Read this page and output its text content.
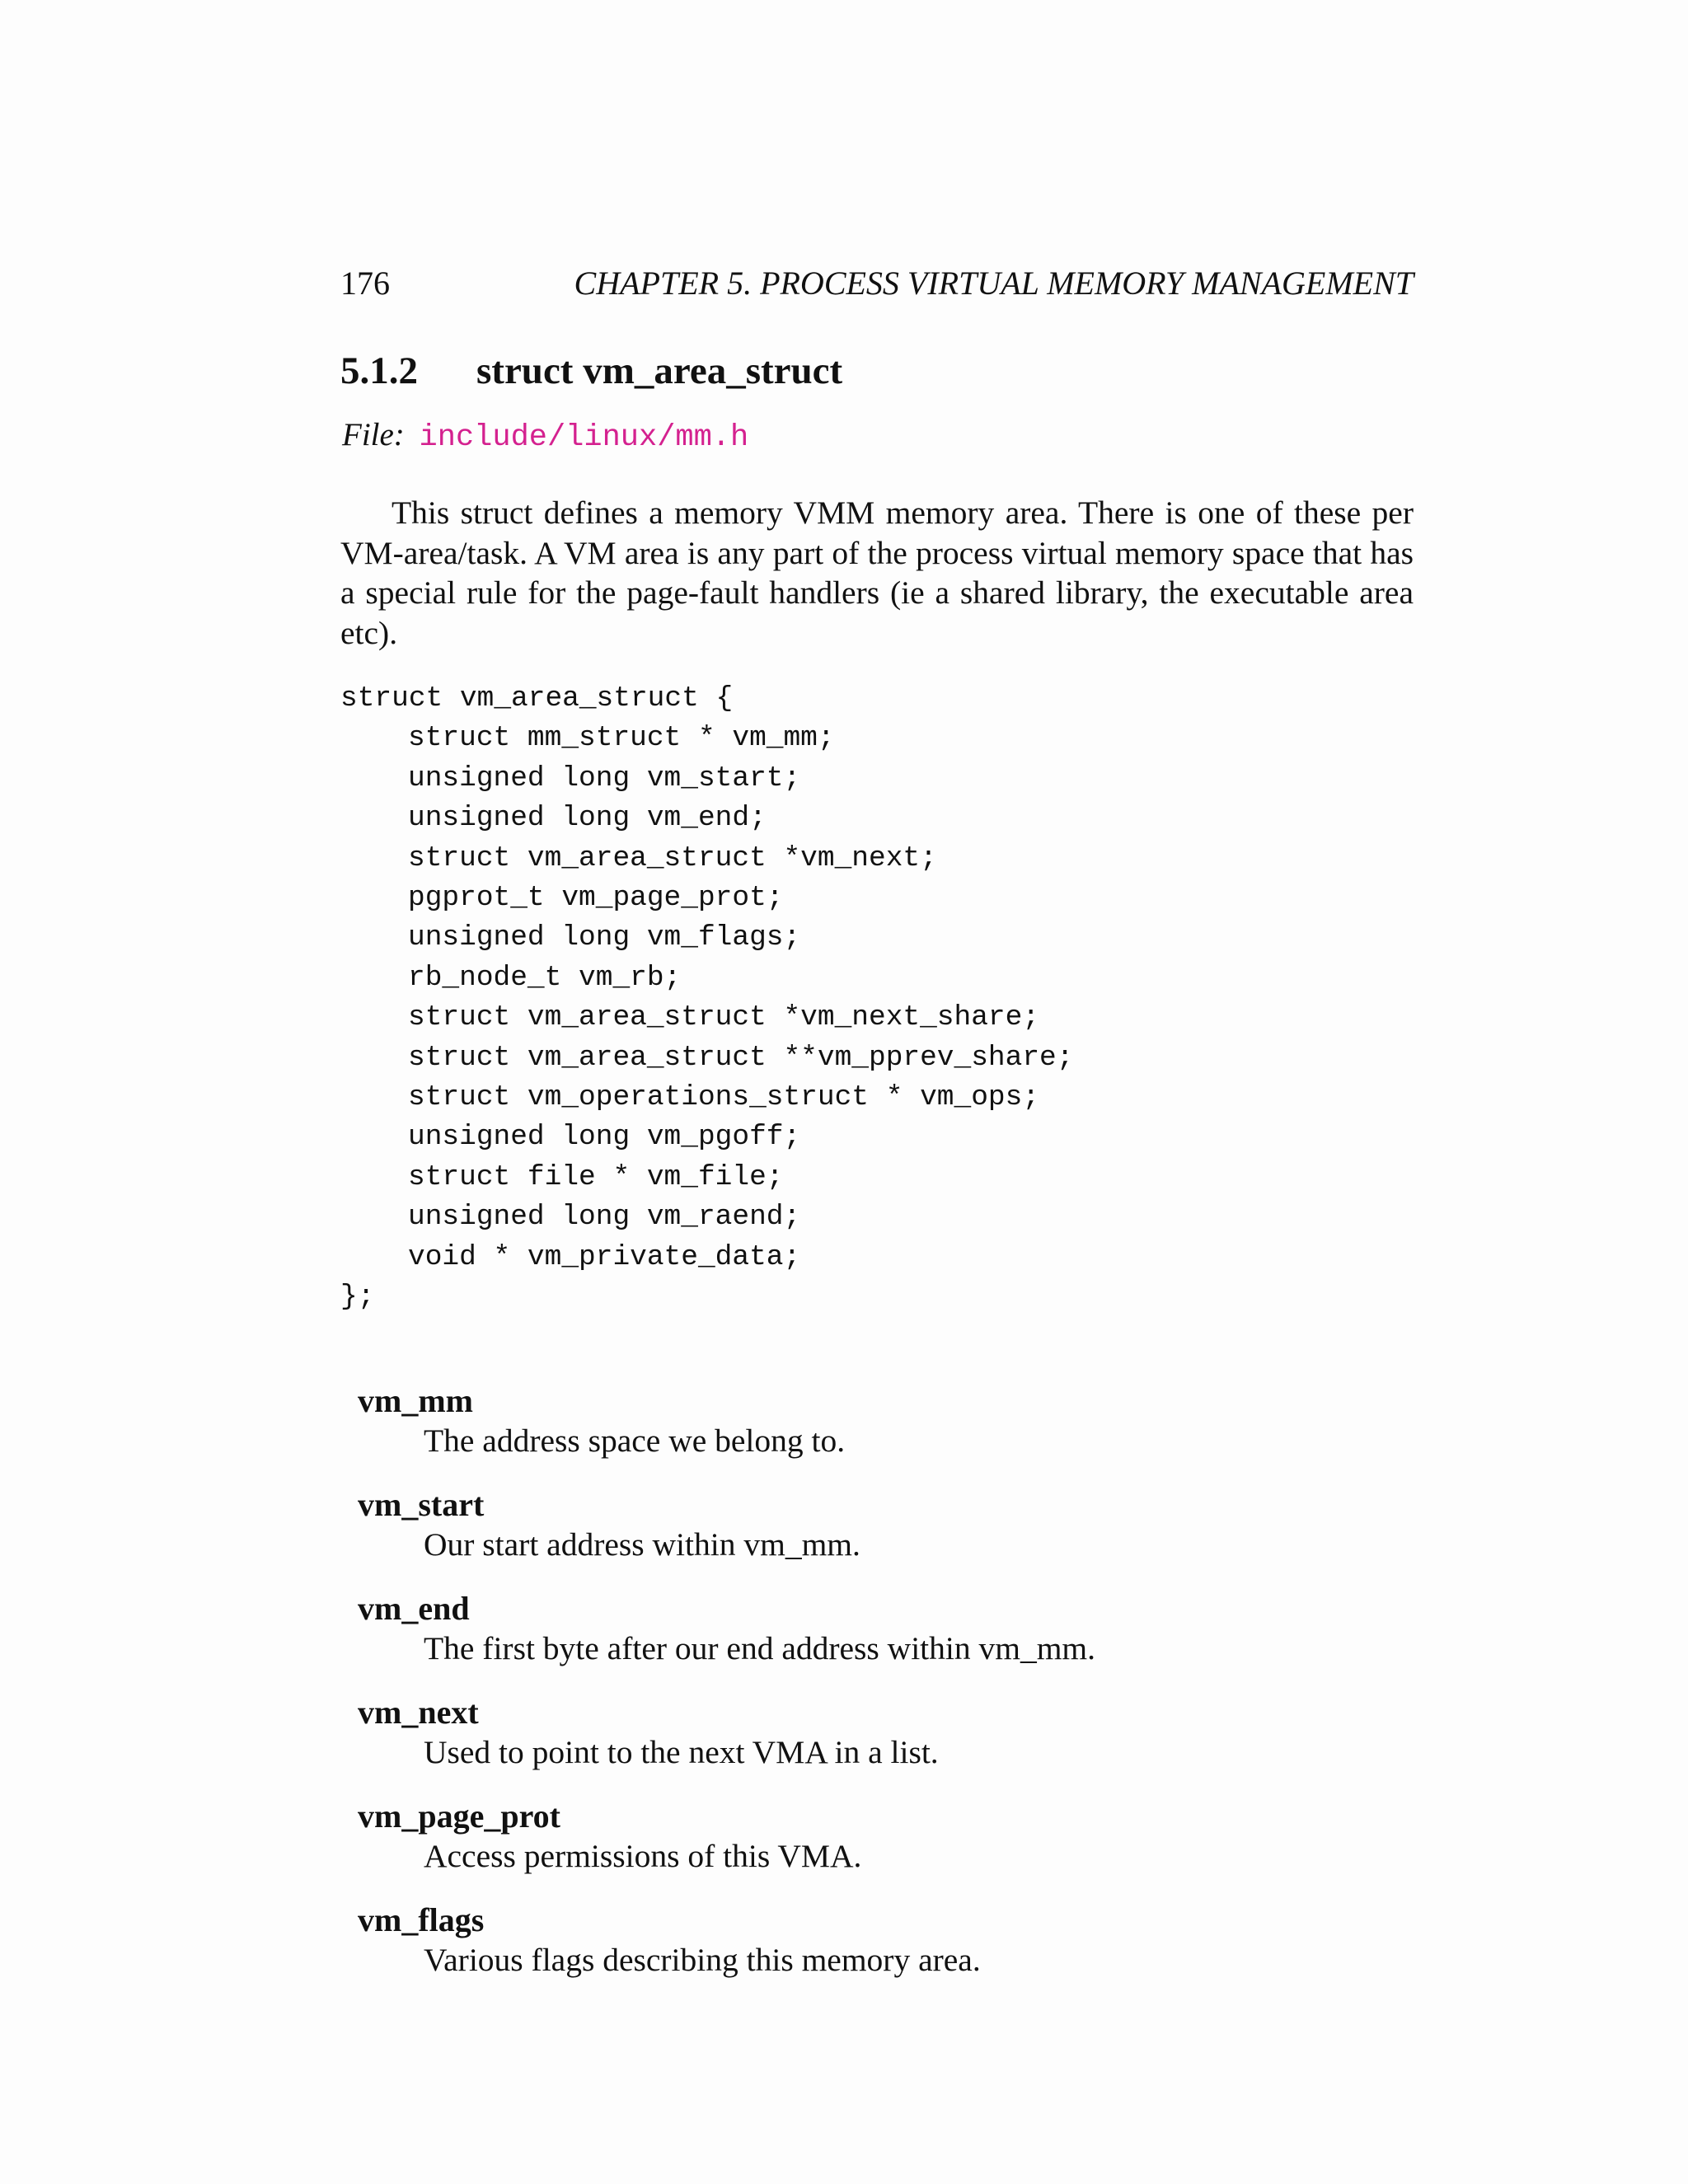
176	CHAPTER 5. PROCESS VIRTUAL MEMORY MANAGEMENT
5.1.2 struct vm_area_struct
File: include/linux/mm.h

This struct defines a memory VMM memory area. There is one of these per VM-area/task. A VM area is any part of the process virtual memory space that has a special rule for the page-fault handlers (ie a shared library, the executable area etc).

struct vm_area_struct {
struct mm_struct * vm_mm;
unsigned long vm_start;
unsigned long vm_end;
struct vm_area_struct *vm_next;
pgprot_t vm_page_prot;
unsigned long vm_flags;
rb_node_t vm_rb;
struct vm_area_struct *vm_next_share;
struct vm_area_struct **vm_pprev_share;
struct vm_operations_struct * vm_ops;
unsigned long vm_pgoff;
struct file * vm_file;
unsigned long vm_raend;
void * vm_private_data;
};
vm_mm
The address space we belong to.
vm_start
Our start address within vm_mm.
vm_end
The first byte after our end address within vm_mm.
vm_next
Used to point to the next VMA in a list.
vm_page_prot
Access permissions of this VMA.
vm_flags
Various flags describing this memory area.
